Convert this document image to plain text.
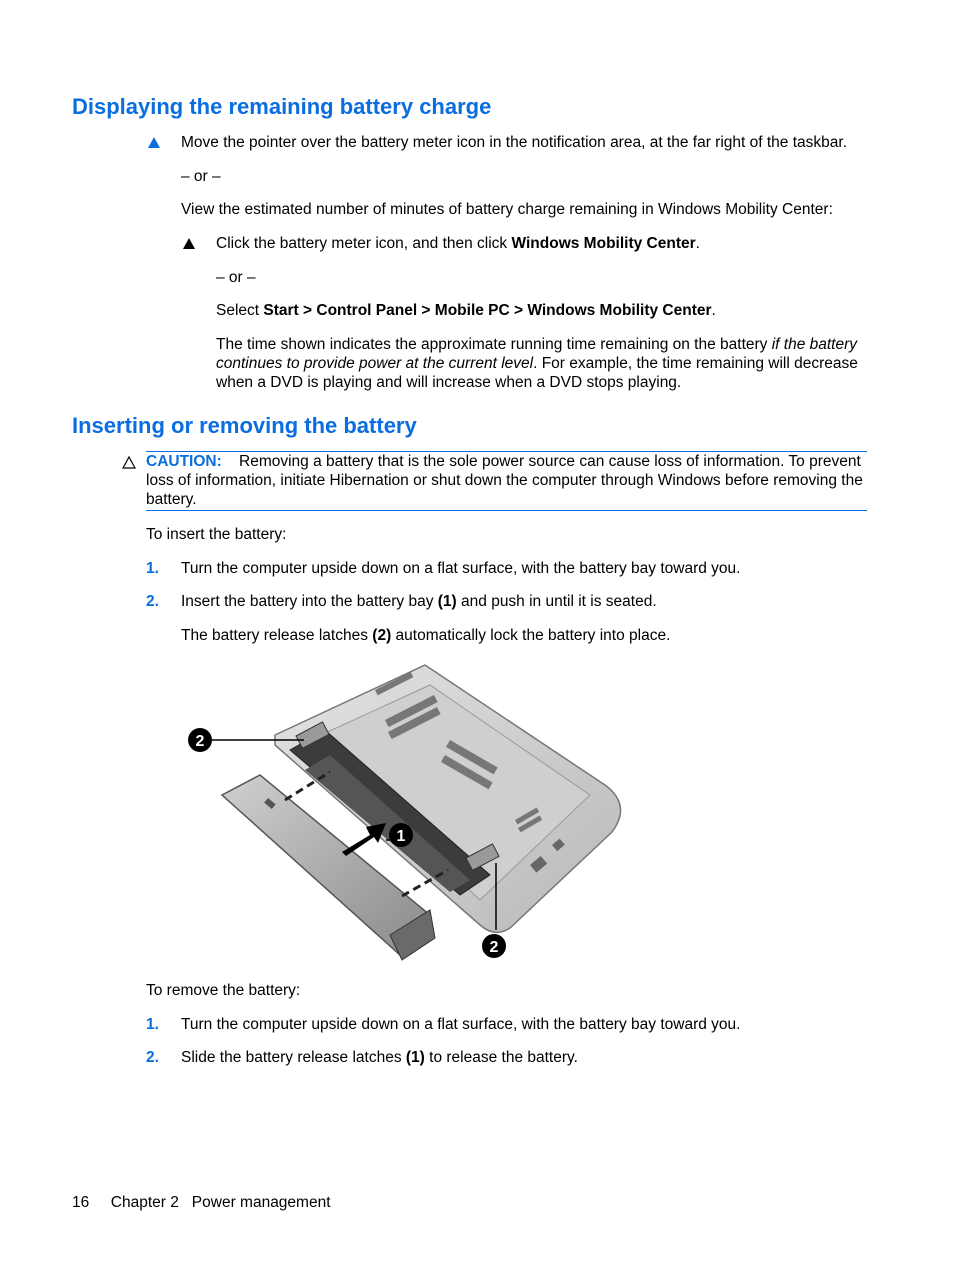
Displaying the remaining battery charge

Move the pointer over the battery meter icon in the notification area, at the far right of the taskbar.

– or –

View the estimated number of minutes of battery charge remaining in Windows Mobility Center:

Click the battery meter icon, and then click Windows Mobility Center.

– or –

Select Start > Control Panel > Mobile PC > Windows Mobility Center.

The time shown indicates the approximate running time remaining on the battery if the battery continues to provide power at the current level. For example, the time remaining will decrease when a DVD is playing and will increase when a DVD stops playing.

Inserting or removing the battery

CAUTION: Removing a battery that is the sole power source can cause loss of information. To prevent loss of information, initiate Hibernation or shut down the computer through Windows before removing the battery.

To insert the battery:

1. Turn the computer upside down on a flat surface, with the battery bay toward you.

2. Insert the battery into the battery bay (1) and push in until it is seated.

The battery release latches (2) automatically lock the battery into place.

2
1
2

To remove the battery:

1. Turn the computer upside down on a flat surface, with the battery bay toward you.

2. Slide the battery release latches (1) to release the battery.

16 Chapter 2 Power management
